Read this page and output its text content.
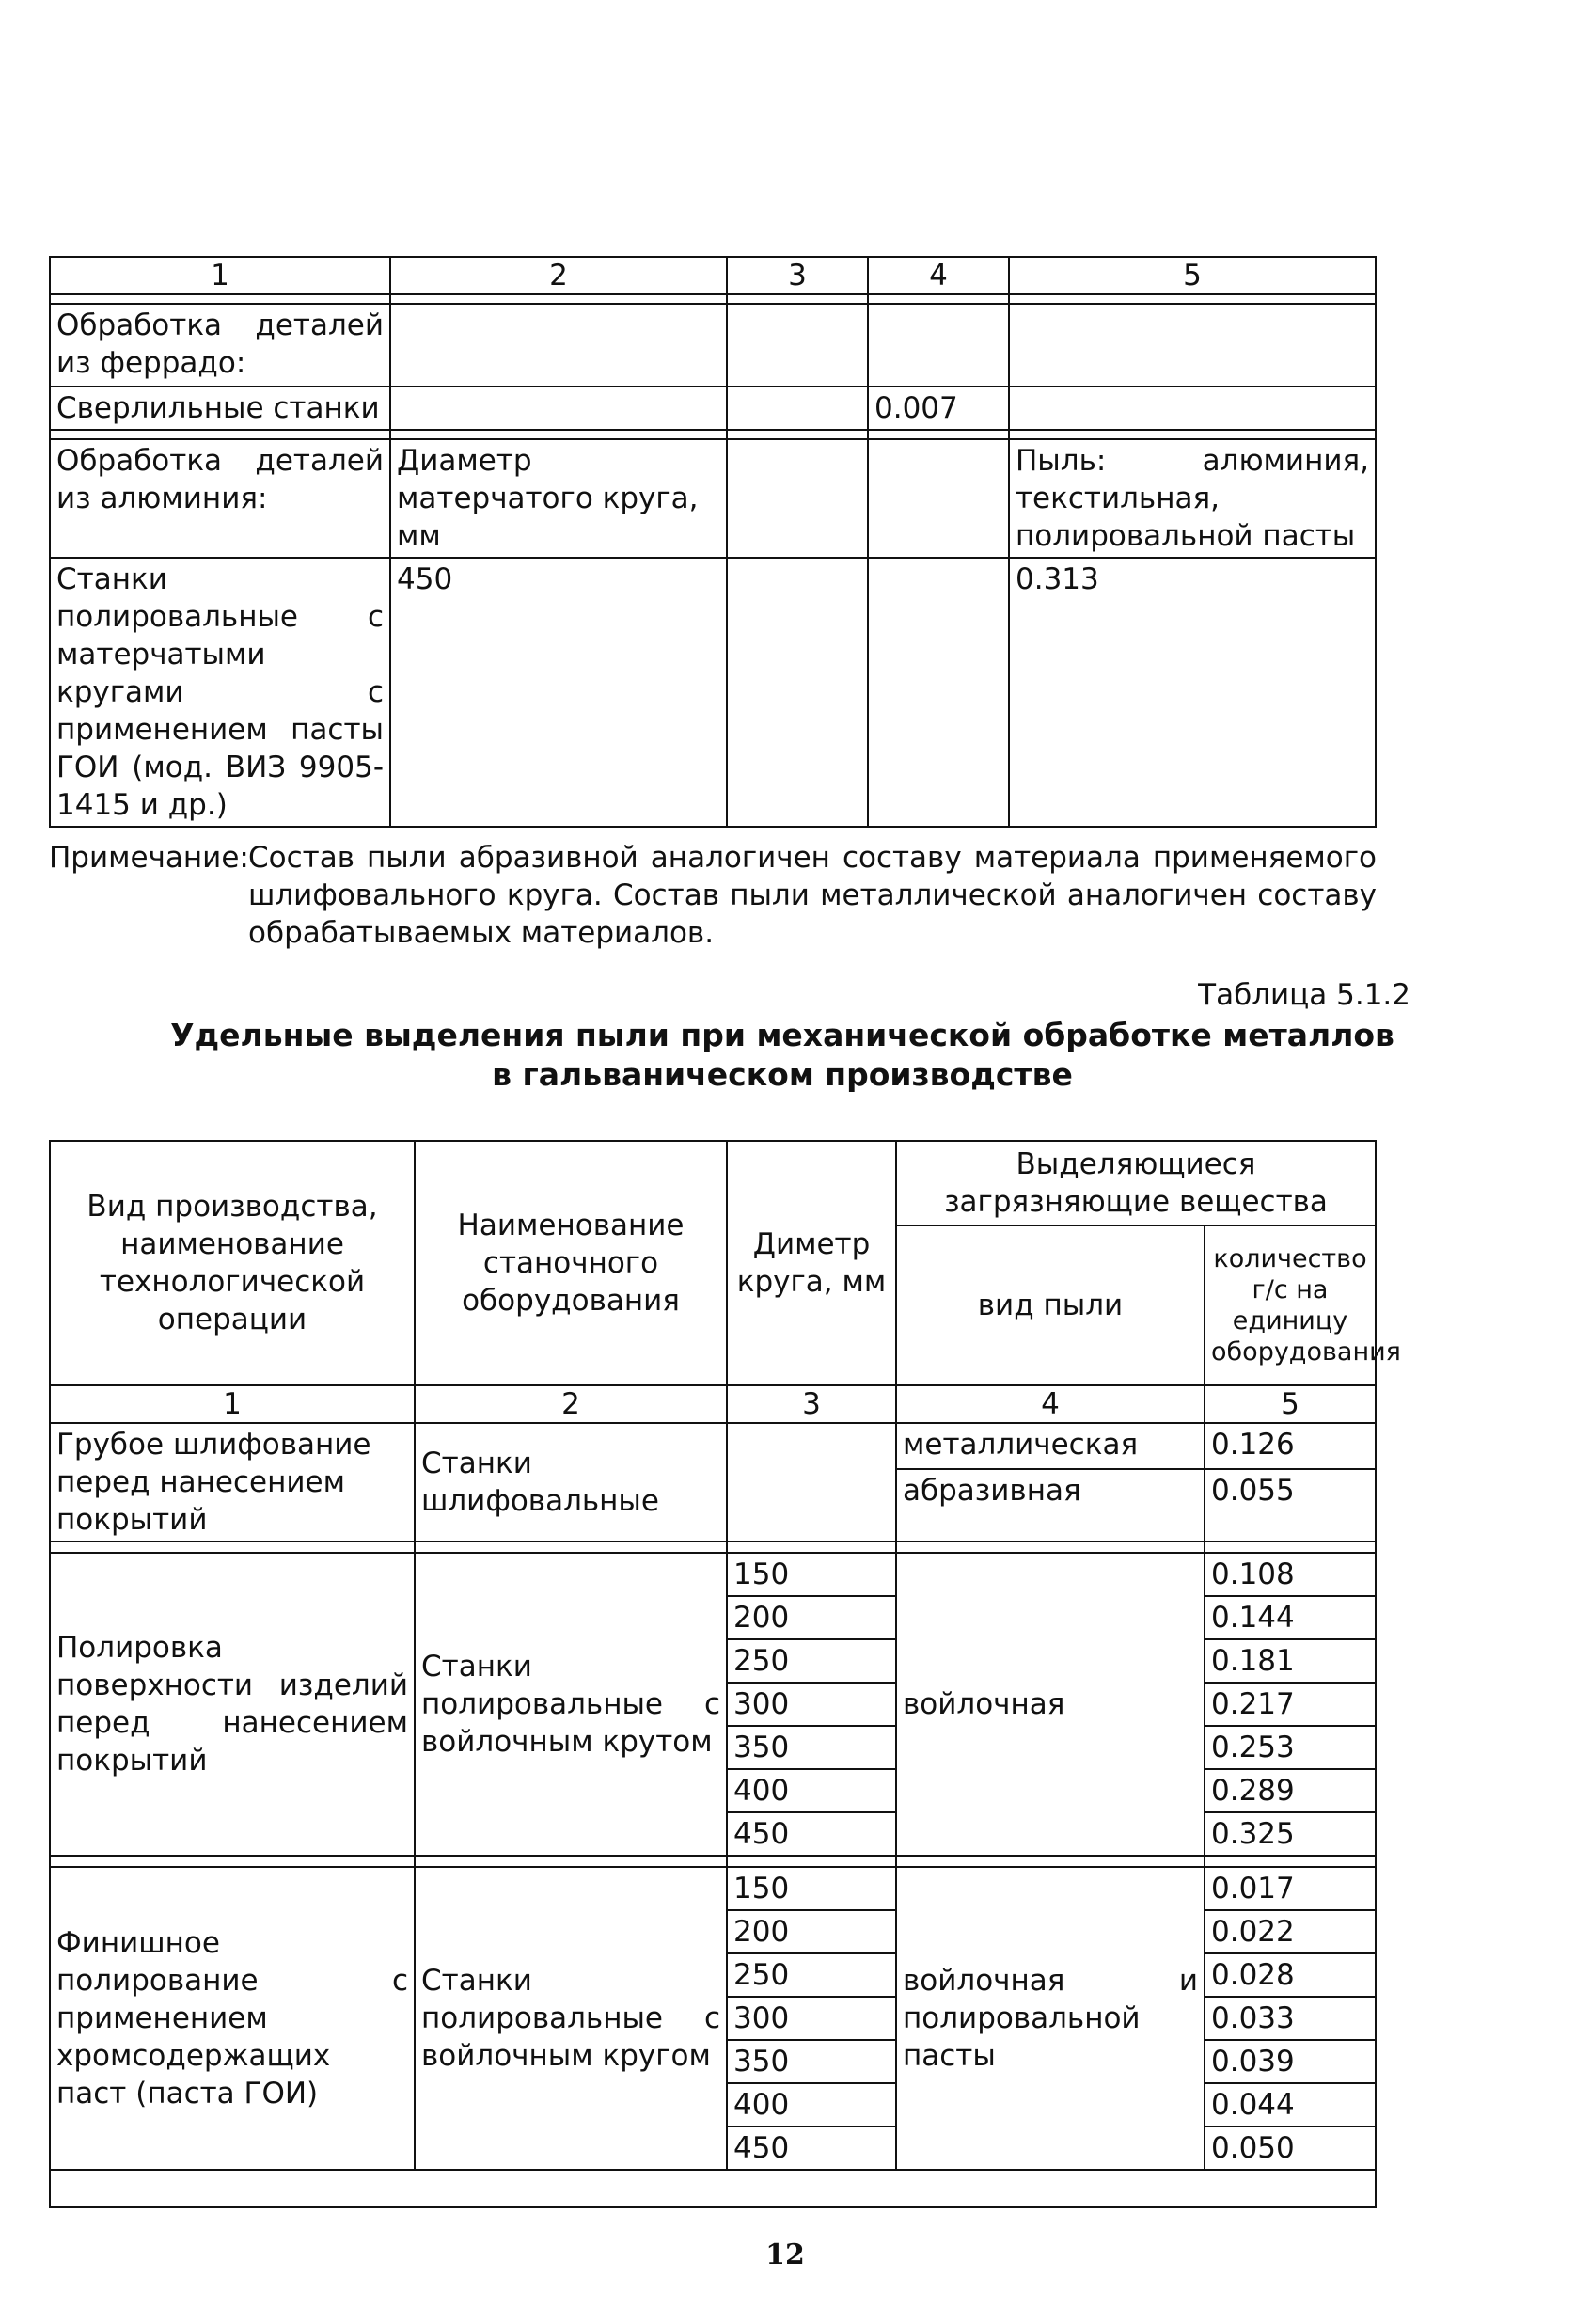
1	2	3	4	5

Обработка деталей из феррадо:				
Сверлильные станки			0.007	

Обработка деталей из алюминия:	Диаметр матерчатого круга, мм			Пыль: алюминия, текстильная, полировальной пасты
Станки полировальные с матерчатыми кругами с применением пасты ГОИ (мод. ВИЗ 9905-1415 и др.)	450			0.313
Примечание:Состав пыли абразивной аналогичен составу материала применяемого шлифовального круга. Состав пыли металлической аналогичен составу обрабатываемых материалов.
Таблица 5.1.2
Удельные выделения пыли при механической обработке металлов
в гальваническом производстве
Вид производства, наименование технологической операции	Наименование станочного оборудования	Диметр круга, мм	Выделяющиеся загрязняющие вещества	
			вид пыли	количество г/с на единицу оборудования
1	2	3	4	5
Грубое шлифование перед нанесением покрытий	Станки шлифовальные		металлическая	0.126
			абразивная	0.055

Полировка поверхности изделий перед нанесением покрытий	Станки полировальные с войлочным крутом	150	войлочная	0.108
		200		0.144
		250		0.181
		300		0.217
		350		0.253
		400		0.289
		450		0.325

Финишное полирование с применением хромсодержащих паст (паста ГОИ)	Станки полировальные с войлочным кругом	150	войлочная и полировальной пасты	0.017
		200		0.022
		250		0.028
		300		0.033
		350		0.039
		400		0.044
		450		0.050

12
